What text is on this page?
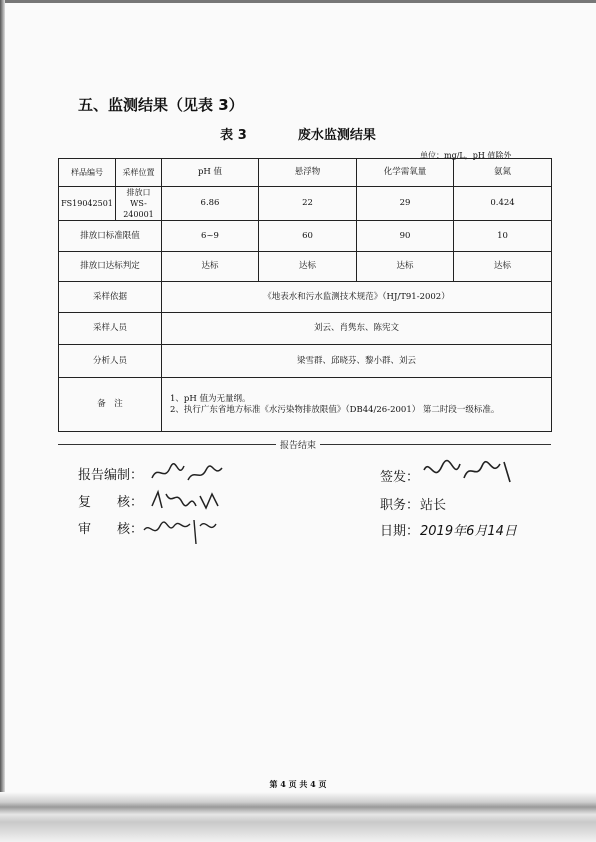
五、监测结果（见表 3）
表 3	废水监测结果
单位：mg/L，pH 值除外
样品编号	采样位置	pH 值	悬浮物	化学需氧量	氨氮
FS19042501	排放口 WS-240001	6.86	22	29	0.424
排放口标准限值		6~9	60	90	10
排放口达标判定		达标	达标	达标	达标
采样依据		《地表水和污水监测技术规范》（HJ/T91-2002）			
采样人员		刘云、肖隽东、陈宪文			
分析人员		梁雪群、邱晓芬、黎小群、刘云			
备　注		1、pH 值为无量纲。
2、执行广东省地方标准《水污染物排放限值》（DB44/26-2001） 第二时段一级标准。			
报告结束
报告编制：
复　　核：
审　　核：
签发：
职务： 站长
日期： 2019年6月14日
第 4 页 共 4 页
